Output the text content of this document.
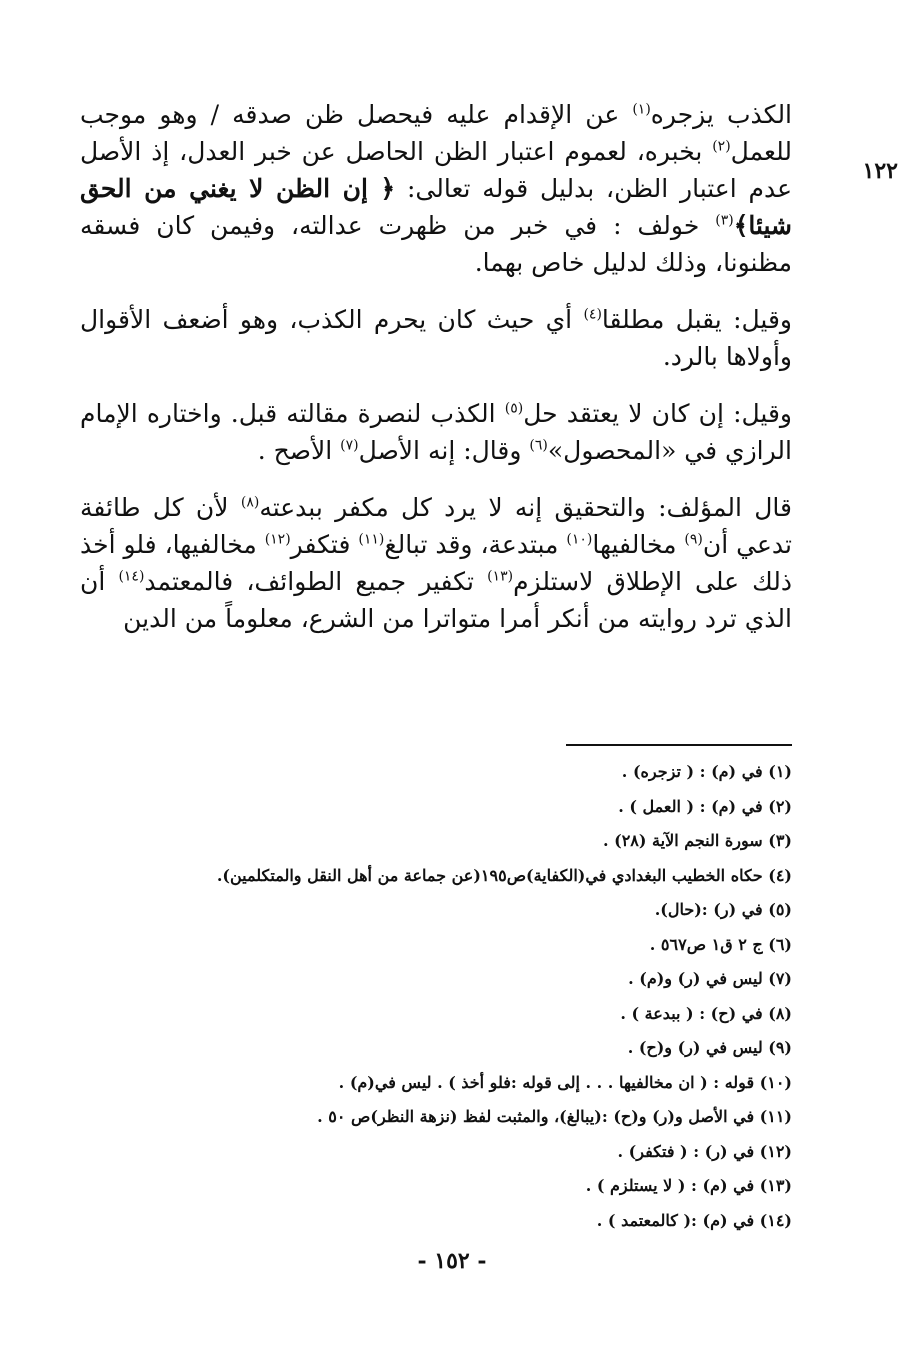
١٢٢

الكذب يزجره$^{(١)}$ عن الإقدام عليه فيحصل ظن صدقه / وهو موجب للعمل$^{(٢)}$ بخبره، لعموم اعتبار الظن الحاصل عن خبر العدل، إذ الأصل عدم اعتبار الظن، بدليل قوله تعالى: ﴿ إن الظن لا يغني من الحق شيئا﴾$^{(٣)}$ خولف : في خبر من ظهرت عدالته، وفيمن كان فسقه مظنونا، وذلك لدليل خاص بهما.

وقيل: يقبل مطلقا$^{(٤)}$ أي حيث كان يحرم الكذب، وهو أضعف الأقوال وأولاها بالرد.

وقيل: إن كان لا يعتقد حل$^{(٥)}$ الكذب لنصرة مقالته قبل. واختاره الإمام الرازي في «المحصول»$^{(٦)}$ وقال: إنه الأصل$^{(٧)}$ الأصح .

قال المؤلف: والتحقيق إنه لا يرد كل مكفر ببدعته$^{(٨)}$ لأن كل طائفة تدعي أن$^{(٩)}$ مخالفيها$^{(١٠)}$ مبتدعة، وقد تبالغ$^{(١١)}$ فتكفر$^{(١٢)}$ مخالفيها، فلو أخذ ذلك على الإطلاق لاستلزم$^{(١٣)}$ تكفير جميع الطوائف، فالمعتمد$^{(١٤)}$ أن الذي ترد روايته من أنكر أمرا متواترا من الشرع، معلوماً من الدين

(١) في (م) : ( تزجره) .
(٢) في (م) : ( العمل ) .
(٣) سورة النجم الآية (٢٨) .
(٤) حكاه الخطيب البغدادي في(الكفاية)ص١٩٥(عن جماعة من أهل النقل والمتكلمين).
(٥) في (ر) :(حال).
(٦) ج ٢ ق١ ص٥٦٧ .
(٧) ليس في (ر) و(م) .
(٨) في (ح) : ( ببدعة ) .
(٩) ليس في (ر) و(ح) .
(١٠) قوله : ( ان مخالفيها . . . إلى قوله :فلو أخذ ) . ليس في(م) .
(١١) في الأصل و(ر) و(ح) :(يبالغ)، والمثبت لفظ (نزهة النظر)ص ٥٠ .
(١٢) في (ر) : ( فتكفر) .
(١٣) في (م) : ( لا يستلزم ) .
(١٤) في (م) :( كالمعتمد ) .
- ١٥٢ -
